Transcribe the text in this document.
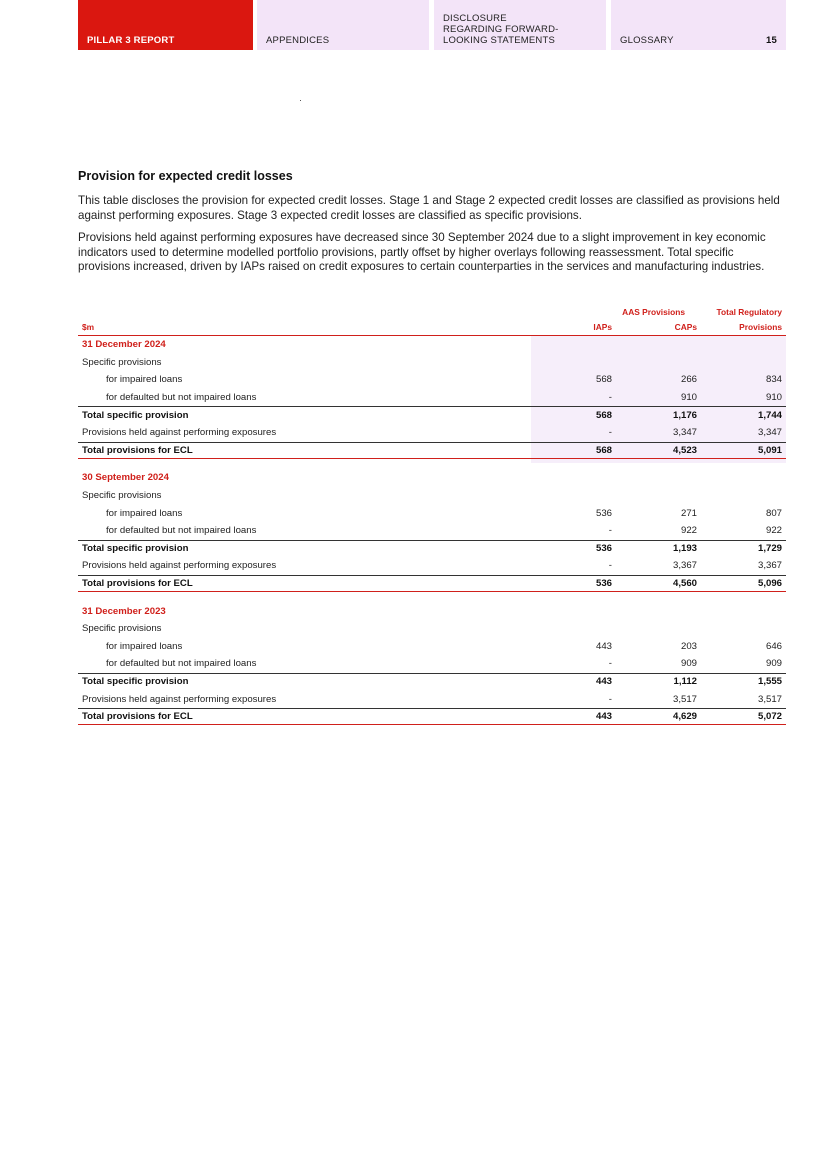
PILLAR 3 REPORT	APPENDICES
DISCLOSURE
REGARDING FORWARD-
LOOKING STATEMENTS	GLOSSARY	15
Provision for expected credit losses

This table discloses the provision for expected credit losses. Stage 1 and Stage 2 expected credit losses are classified as provisions held against performing exposures. Stage 3 expected credit losses are classified as specific provisions.

Provisions held against performing exposures have decreased since 30 September 2024 due to a slight improvement in key economic indicators used to determine modelled portfolio provisions, partly offset by higher overlays following reassessment. Total specific provisions increased, driven by IAPs raised on credit exposures to certain counterparties in the services and manufacturing industries.

AAS Provisions	Total Regulatory
$m	IAPs	CAPs	Provisions
31 December 2024
Specific provisions
for impaired loans	568	266	834
for defaulted but not impaired loans	-	910	910
Total specific provision	568	1,176	1,744
Provisions held against performing exposures	-	3,347	3,347
Total provisions for ECL	568	4,523	5,091
30 September 2024
Specific provisions
for impaired loans	536	271	807
for defaulted but not impaired loans	-	922	922
Total specific provision	536	1,193	1,729
Provisions held against performing exposures	-	3,367	3,367
Total provisions for ECL	536	4,560	5,096
31 December 2023
Specific provisions
for impaired loans	443	203	646
for defaulted but not impaired loans	-	909	909
Total specific provision	443	1,112	1,555
Provisions held against performing exposures	-	3,517	3,517
Total provisions for ECL	443	4,629	5,072
